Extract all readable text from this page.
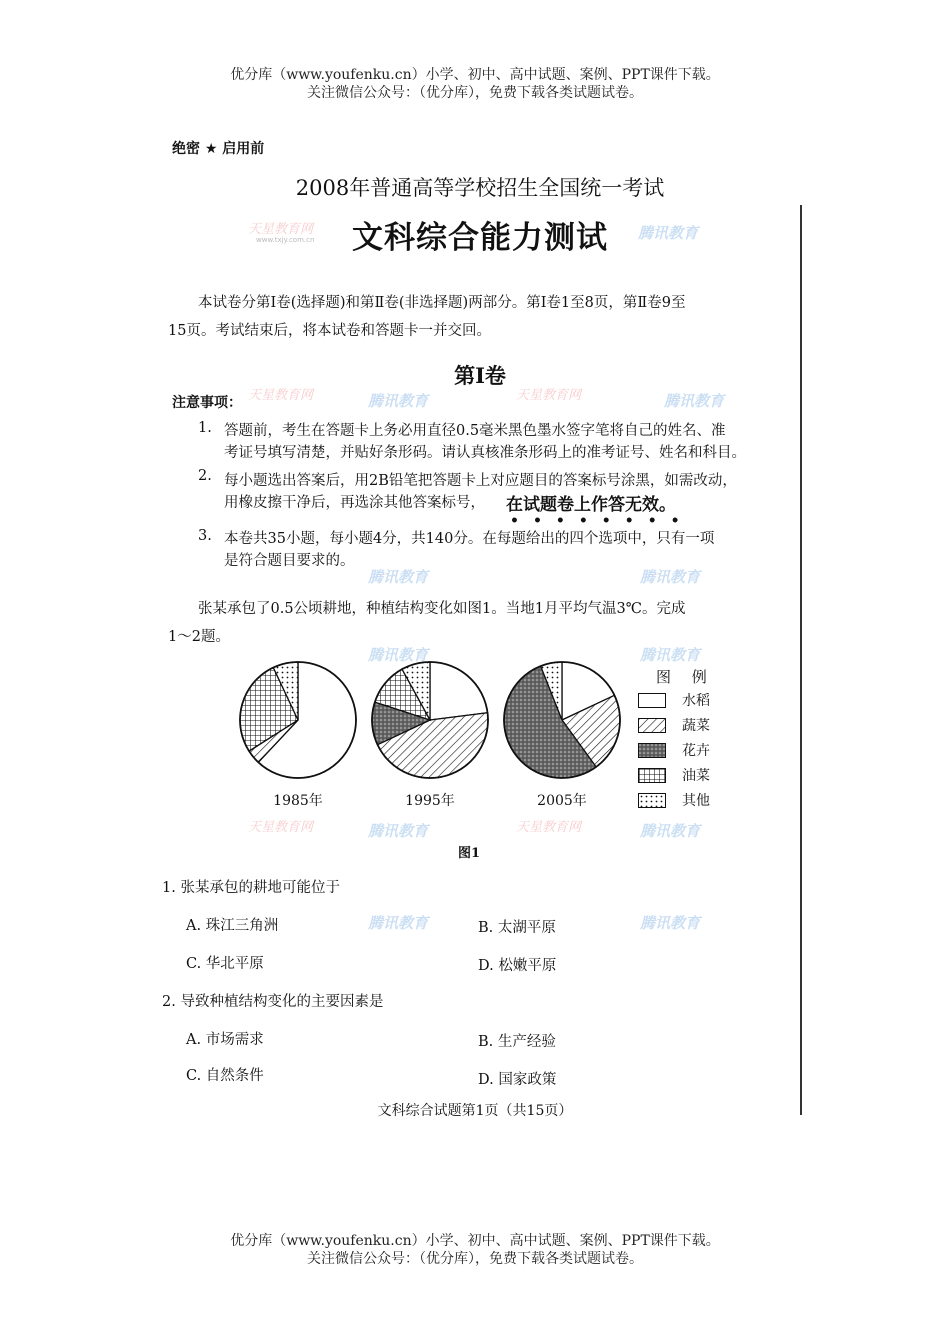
优分库（www.youfenku.cn）小学、初中、高中试题、案例、PPT课件下载。
关注微信公众号：（优分库），免费下载各类试题试卷。
天星教育网
www.txjy.com.cn	腾讯教育
腾讯教育	腾讯教育
天星教育网	天星教育网
腾讯教育	腾讯教育
腾讯教育	腾讯教育
腾讯教育	腾讯教育
腾讯教育	腾讯教育
天星教育网	天星教育网
绝密 ★ 启用前
2008年普通高等学校招生全国统一考试
文科综合能力测试
本试卷分第Ⅰ卷(选择题)和第Ⅱ卷(非选择题)两部分。第Ⅰ卷1至8页，第Ⅱ卷9至
15页。考试结束后，将本试卷和答题卡一并交回。
第Ⅰ卷
注意事项：
1. 答题前，考生在答题卡上务必用直径0.5毫米黑色墨水签字笔将自己的姓名、准
考证号填写清楚，并贴好条形码。请认真核准条形码上的准考证号、姓名和科目。
2. 每小题选出答案后，用2B铅笔把答题卡上对应题目的答案标号涂黑，如需改动，
用橡皮擦干净后，再选涂其他答案标号， 在试题卷上作答无效。
••••••••
3. 本卷共35小题，每小题4分，共140分。在每题给出的四个选项中，只有一项
是符合题目要求的。
张某承包了0.5公顷耕地，种植结构变化如图1。当地1月平均气温3℃。完成
1～2题。
1985年	1995年	2005年
图 例
水稻
蔬菜
花卉
油菜
其他
图1
1. 张某承包的耕地可能位于
A. 珠江三角洲	B. 太湖平原
C. 华北平原	D. 松嫩平原
2. 导致种植结构变化的主要因素是
A. 市场需求	B. 生产经验
C. 自然条件	D. 国家政策
文科综合试题第1页（共15页）
优分库（www.youfenku.cn）小学、初中、高中试题、案例、PPT课件下载。
关注微信公众号：（优分库），免费下载各类试题试卷。
